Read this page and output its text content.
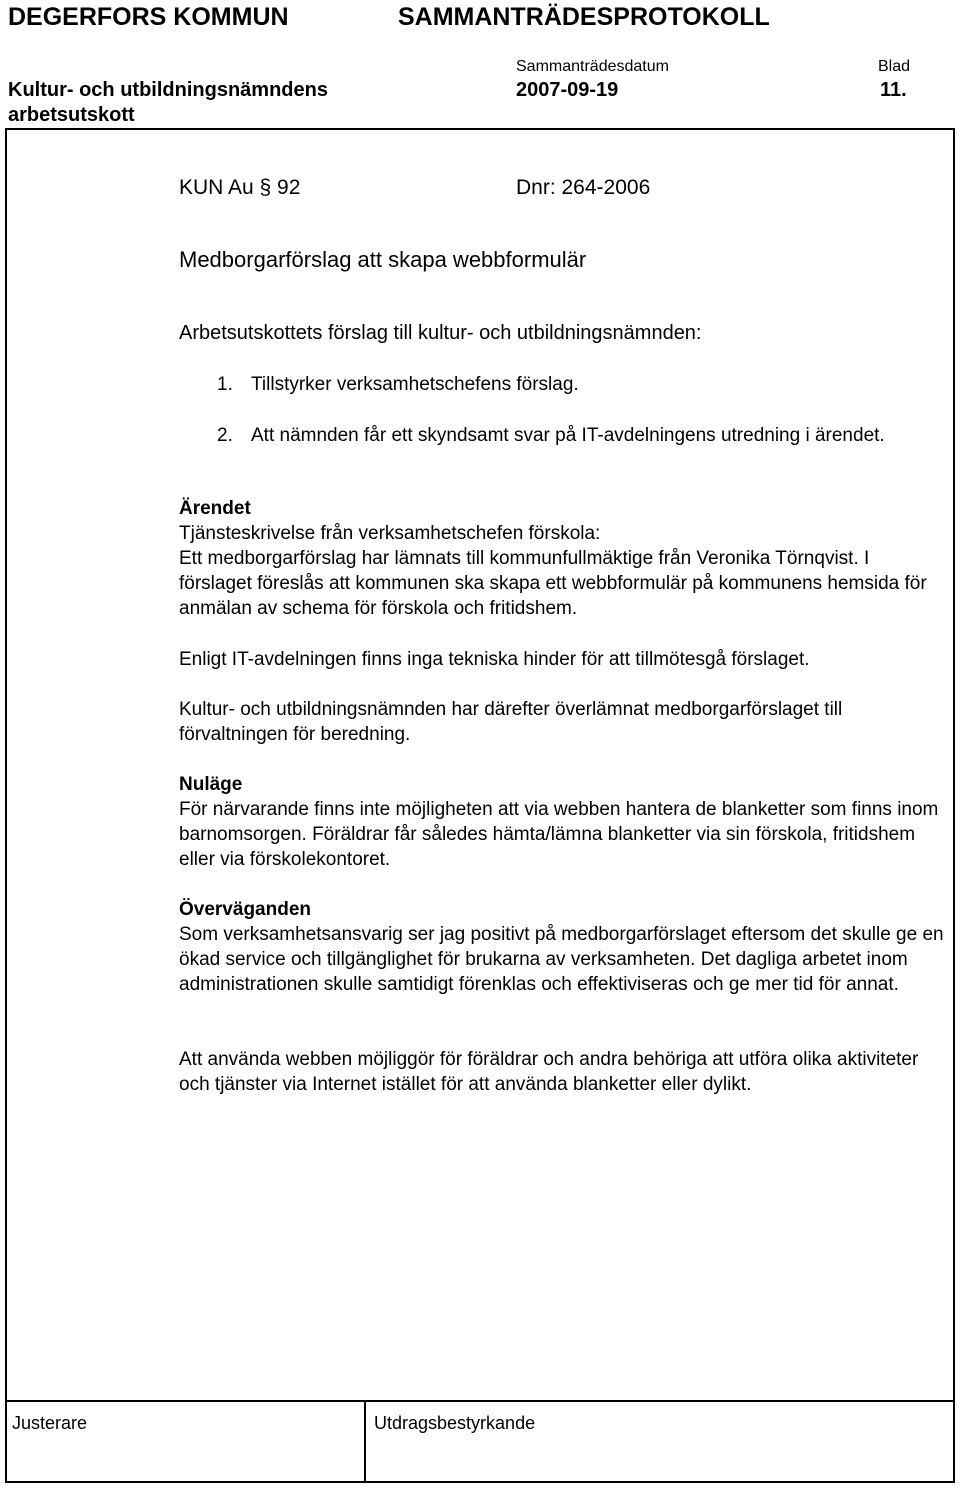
DEGERFORS KOMMUN	SAMMANTRÄDESPROTOKOLL
Sammanträdesdatum	Blad
Kultur- och utbildningsnämndens
arbetsutskott
2007-09-19	11.
KUN Au § 92	Dnr: 264-2006
Medborgarförslag att skapa webbformulär
Arbetsutskottets förslag till kultur- och utbildningsnämnden:
1. Tillstyrker verksamhetschefens förslag.
2. Att nämnden får ett skyndsamt svar på IT-avdelningens utredning i ärendet.

Ärendet

Tjänsteskrivelse från verksamhetschefen förskola:

Ett medborgarförslag har lämnats till kommunfullmäktige från Veronika Törnqvist. I förslaget föreslås att kommunen ska skapa ett webbformulär på kommunens hemsida för anmälan av schema för förskola och fritidshem.

Enligt IT-avdelningen finns inga tekniska hinder för att tillmötesgå förslaget.
Kultur- och utbildningsnämnden har därefter överlämnat medborgarförslaget till förvaltningen för beredning.

Nuläge

För närvarande finns inte möjligheten att via webben hantera de blanketter som finns inom barnomsorgen. Föräldrar får således hämta/lämna blanketter via sin förskola, fritidshem eller via förskolekontoret.

Överväganden

Som verksamhetsansvarig ser jag positivt på medborgarförslaget eftersom det skulle ge en ökad service och tillgänglighet för brukarna av verksamheten. Det dagliga arbetet inom administrationen skulle samtidigt förenklas och effektiviseras och ge mer tid för annat.

Att använda webben möjliggör för föräldrar och andra behöriga att utföra olika aktiviteter och tjänster via Internet istället för att använda blanketter eller dylikt.
Justerare	Utdragsbestyrkande
